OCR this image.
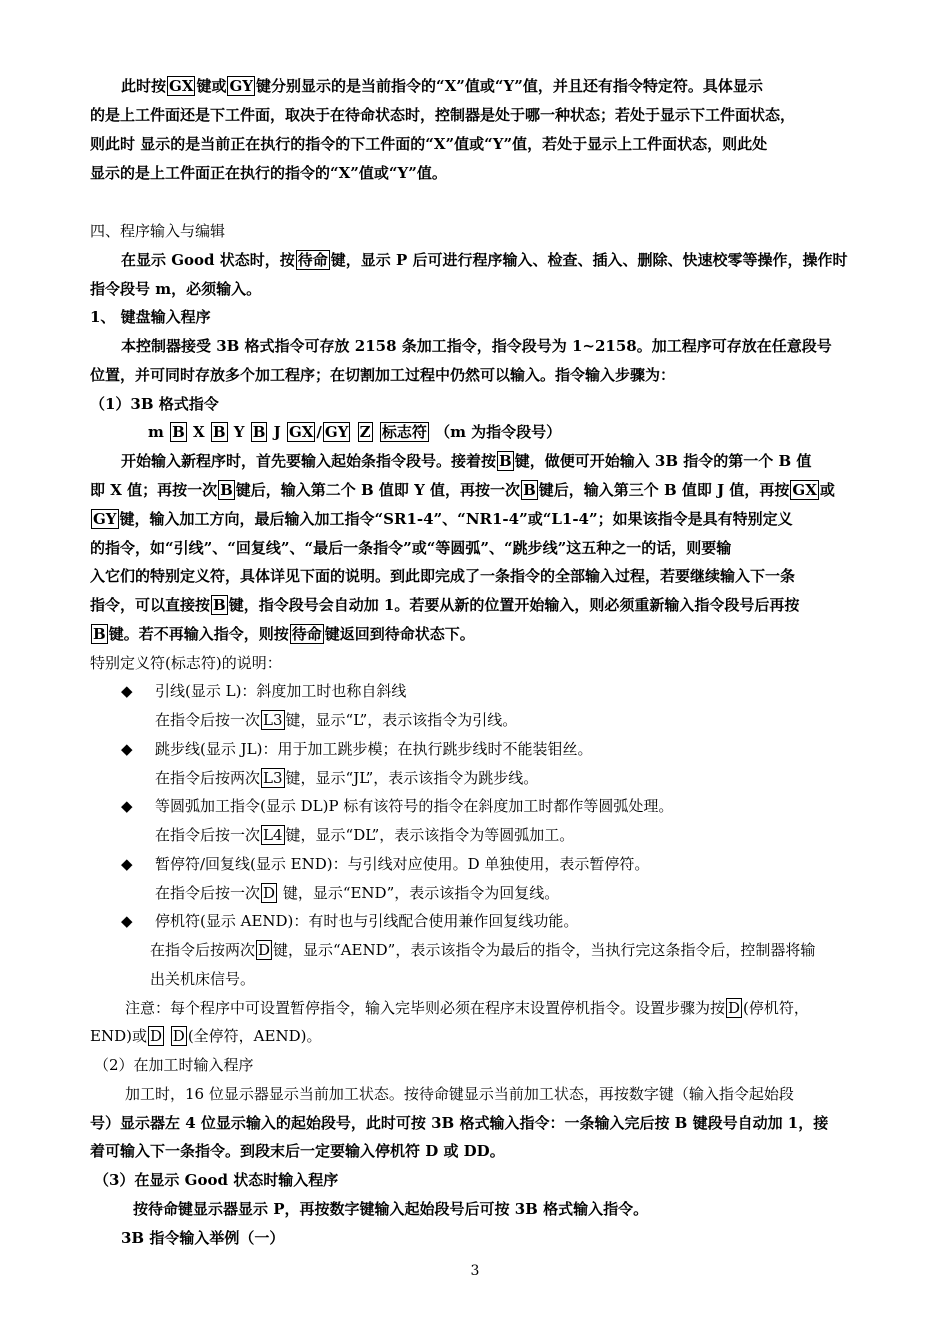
此时按 GX 键或 GY 键分别显示的是当前指令的“X”值或“Y”值，并且还有指令特定符。具体显示
的是上工件面还是下工件面，取决于在待命状态时，控制器是处于哪一种状态；若处于显示下工件面状态，
则此时 显示的是当前正在执行的指令的下工件面的“X”值或“Y”值，若处于显示上工件面状态，则此处
显示的是上工件面正在执行的指令的“X”值或“Y”值。
四、程序输入与编辑
在显示 Good 状态时，按 待命 键，显示 P 后可进行程序输入、检查、插入、删除、快速校零等操作，操作时
指令段号 m，必须输入。
1、 键盘输入程序
本控制器接受 3B 格式指令可存放 2158 条加工指令，指令段号为 1~2158。加工程序可存放在任意段号
位置，并可同时存放多个加工程序；在切割加工过程中仍然可以输入。指令输入步骤为：
（1）3B 格式指令
m B X B Y B J GX / GY Z 标志符 （m 为指令段号）
开始输入新程序时，首先要输入起始条指令段号。接着按 B 键，做便可开始输入 3B 指令的第一个 B 值
即 X 值；再按一次 B 键后，输入第二个 B 值即 Y 值，再按一次 B 键后，输入第三个 B 值即 J 值，再按 GX 或
GY 键，输入加工方向，最后输入加工指令“SR1-4”、“NR1-4”或“L1-4”；如果该指令是具有特别定义
的指令，如“引线”、“回复线”、“最后一条指令”或“等圆弧”、“跳步线”这五种之一的话，则要输
入它们的特别定义符，具体详见下面的说明。到此即完成了一条指令的全部输入过程，若要继续输入下一条
指令，可以直接按 B 键，指令段号会自动加 1。若要从新的位置开始输入，则必须重新输入指令段号后再按
B 键。若不再输入指令，则按 待命 键返回到待命状态下。
特别定义符(标志符)的说明：
◆ 引线(显示 L)：斜度加工时也称自斜线
在指令后按一次 L3 键，显示“L”，表示该指令为引线。
◆ 跳步线(显示 JL)：用于加工跳步模；在执行跳步线时不能装钼丝。
在指令后按两次 L3 键，显示“JL”，表示该指令为跳步线。
◆ 等圆弧加工指令(显示 DL)P 标有该符号的指令在斜度加工时都作等圆弧处理。
在指令后按一次 L4 键，显示“DL”，表示该指令为等圆弧加工。
◆ 暂停符/回复线(显示 END)：与引线对应使用。D 单独使用，表示暂停符。
在指令后按一次 D 键，显示“END”，表示该指令为回复线。
◆ 停机符(显示 AEND)：有时也与引线配合使用兼作回复线功能。
在指令后按两次 D 键，显示“AEND”，表示该指令为最后的指令，当执行完这条指令后，控制器将输
出关机床信号。
注意：每个程序中可设置暂停指令，输入完毕则必须在程序末设置停机指令。设置步骤为按 D (停机符，
END)或 D D (全停符，AEND)。
（2）在加工时输入程序
加工时，16 位显示器显示当前加工状态。按待命键显示当前加工状态，再按数字键（输入指令起始段
号）显示器左 4 位显示输入的起始段号，此时可按 3B 格式输入指令：一条输入完后按 B 键段号自动加 1，接
着可输入下一条指令。到段末后一定要输入停机符 D 或 DD。
（3）在显示 Good 状态时输入程序
按待命键显示器显示 P，再按数字键输入起始段号后可按 3B 格式输入指令。
3B 指令输入举例（一）
3
